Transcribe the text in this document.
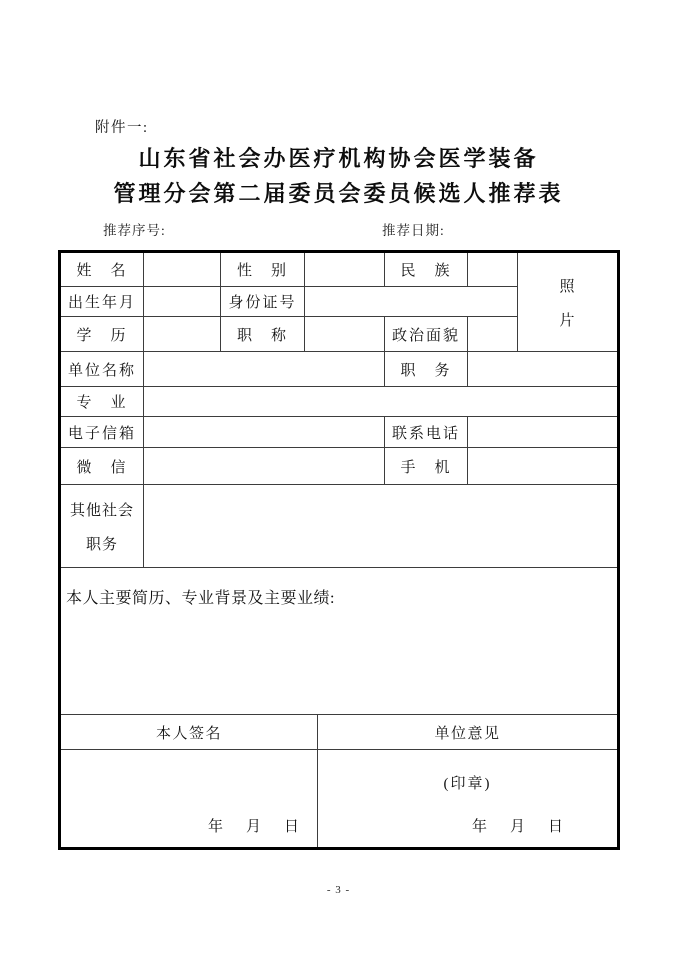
附件一:
山东省社会办医疗机构协会医学装备
管理分会第二届委员会委员候选人推荐表
推荐序号:	推荐日期:
姓　名	性　别	民　族
照
片
出生年月	身份证号
学　历	职　称	政治面貌
单位名称	职　务
专　业
电子信箱	联系电话
微　信	手　机
其他社会
职务
本人主要简历、专业背景及主要业绩:
本人签名	单位意见
年　月　日
(印章)
年　月　日
- 3 -
